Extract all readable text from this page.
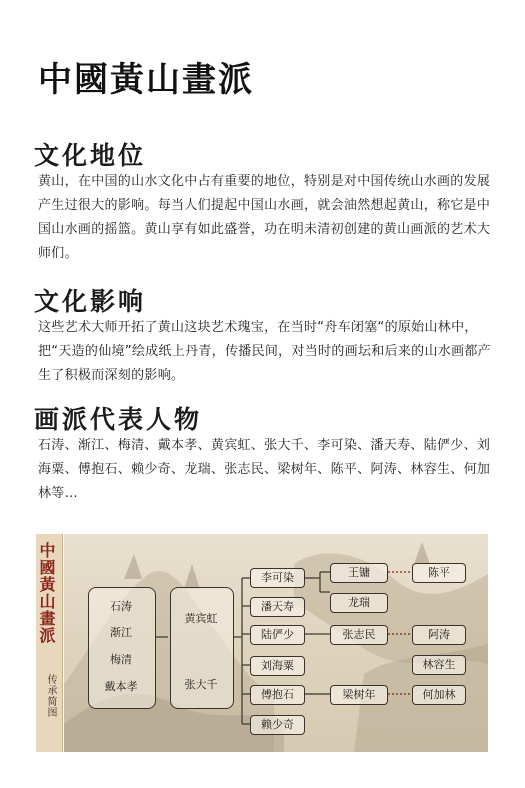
中國黃山畫派
文化地位
黄山，在中国的山水文化中占有重要的地位，特别是对中国传统山水画的发展产生过很大的影响。每当人们提起中国山水画，就会油然想起黄山，称它是中国山水画的摇篮。黄山享有如此盛誉，功在明未清初创建的黄山画派的艺术大师们。
文化影响
这些艺术大师开拓了黄山这块艺术瑰宝，在当时“舟车闭塞“的原始山林中，把“天造的仙境”绘成纸上丹青，传播民间，对当时的画坛和后来的山水画都产生了积极而深刻的影响。
画派代表人物
石涛、渐江、梅清、戴本孝、黄宾虹、张大千、李可染、潘天寿、陆俨少、刘海粟、傅抱石、赖少奇、龙瑞、张志民、梁树年、陈平、阿涛、林容生、何加林等…
中國黃山畫派
传承简图
石涛
渐江
梅清
戴本孝
黄宾虹
张大千
李可染
潘天寿
陆俨少
刘海粟
傅抱石
赖少奇
王镛
龙瑞
张志民
梁树年
陈平
阿涛
林容生
何加林
